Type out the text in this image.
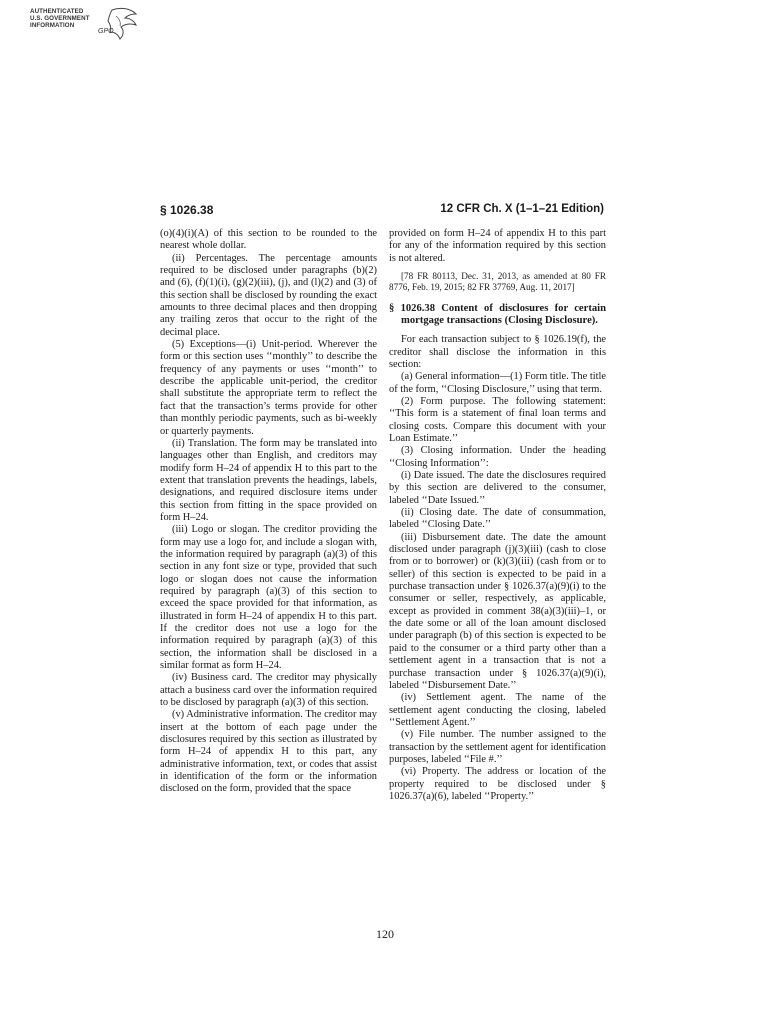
AUTHENTICATED
U.S. GOVERNMENT
INFORMATION
GPO
§ 1026.38	12 CFR Ch. X (1–1–21 Edition)

(o)(4)(i)(A) of this section to be rounded to the nearest whole dollar.

(ii) Percentages. The percentage amounts required to be disclosed under paragraphs (b)(2) and (6), (f)(1)(i), (g)(2)(iii), (j), and (l)(2) and (3) of this section shall be disclosed by rounding the exact amounts to three decimal places and then dropping any trailing zeros that occur to the right of the decimal place.

(5) Exceptions—(i) Unit-period. Wherever the form or this section uses ‘‘monthly’’ to describe the frequency of any payments or uses ‘‘month’’ to describe the applicable unit-period, the creditor shall substitute the appropriate term to reflect the fact that the transaction’s terms provide for other than monthly periodic payments, such as bi-weekly or quarterly payments.

(ii) Translation. The form may be translated into languages other than English, and creditors may modify form H–24 of appendix H to this part to the extent that translation prevents the headings, labels, designations, and required disclosure items under this section from fitting in the space provided on form H–24.

(iii) Logo or slogan. The creditor providing the form may use a logo for, and include a slogan with, the information required by paragraph (a)(3) of this section in any font size or type, provided that such logo or slogan does not cause the information required by paragraph (a)(3) of this section to exceed the space provided for that information, as illustrated in form H–24 of appendix H to this part. If the creditor does not use a logo for the information required by paragraph (a)(3) of this section, the information shall be disclosed in a similar format as form H–24.

(iv) Business card. The creditor may physically attach a business card over the information required to be disclosed by paragraph (a)(3) of this section.

(v) Administrative information. The creditor may insert at the bottom of each page under the disclosures required by this section as illustrated by form H–24 of appendix H to this part, any administrative information, text, or codes that assist in identification of the form or the information disclosed on the form, provided that the space

provided on form H–24 of appendix H to this part for any of the information required by this section is not altered.

[78 FR 80113, Dec. 31, 2013, as amended at 80 FR 8776, Feb. 19, 2015; 82 FR 37769, Aug. 11, 2017]

§ 1026.38 Content of disclosures for certain mortgage transactions (Closing Disclosure).

For each transaction subject to § 1026.19(f), the creditor shall disclose the information in this section:

(a) General information—(1) Form title. The title of the form, ‘‘Closing Disclosure,’’ using that term.

(2) Form purpose. The following statement: ‘‘This form is a statement of final loan terms and closing costs. Compare this document with your Loan Estimate.’’

(3) Closing information. Under the heading ‘‘Closing Information’’:

(i) Date issued. The date the disclosures required by this section are delivered to the consumer, labeled ‘‘Date Issued.’’

(ii) Closing date. The date of consummation, labeled ‘‘Closing Date.’’

(iii) Disbursement date. The date the amount disclosed under paragraph (j)(3)(iii) (cash to close from or to borrower) or (k)(3)(iii) (cash from or to seller) of this section is expected to be paid in a purchase transaction under § 1026.37(a)(9)(i) to the consumer or seller, respectively, as applicable, except as provided in comment 38(a)(3)(iii)–1, or the date some or all of the loan amount disclosed under paragraph (b) of this section is expected to be paid to the consumer or a third party other than a settlement agent in a transaction that is not a purchase transaction under § 1026.37(a)(9)(i), labeled ‘‘Disbursement Date.’’

(iv) Settlement agent. The name of the settlement agent conducting the closing, labeled ‘‘Settlement Agent.’’

(v) File number. The number assigned to the transaction by the settlement agent for identification purposes, labeled ‘‘File #.’’

(vi) Property. The address or location of the property required to be disclosed under § 1026.37(a)(6), labeled ‘‘Property.’’

120
